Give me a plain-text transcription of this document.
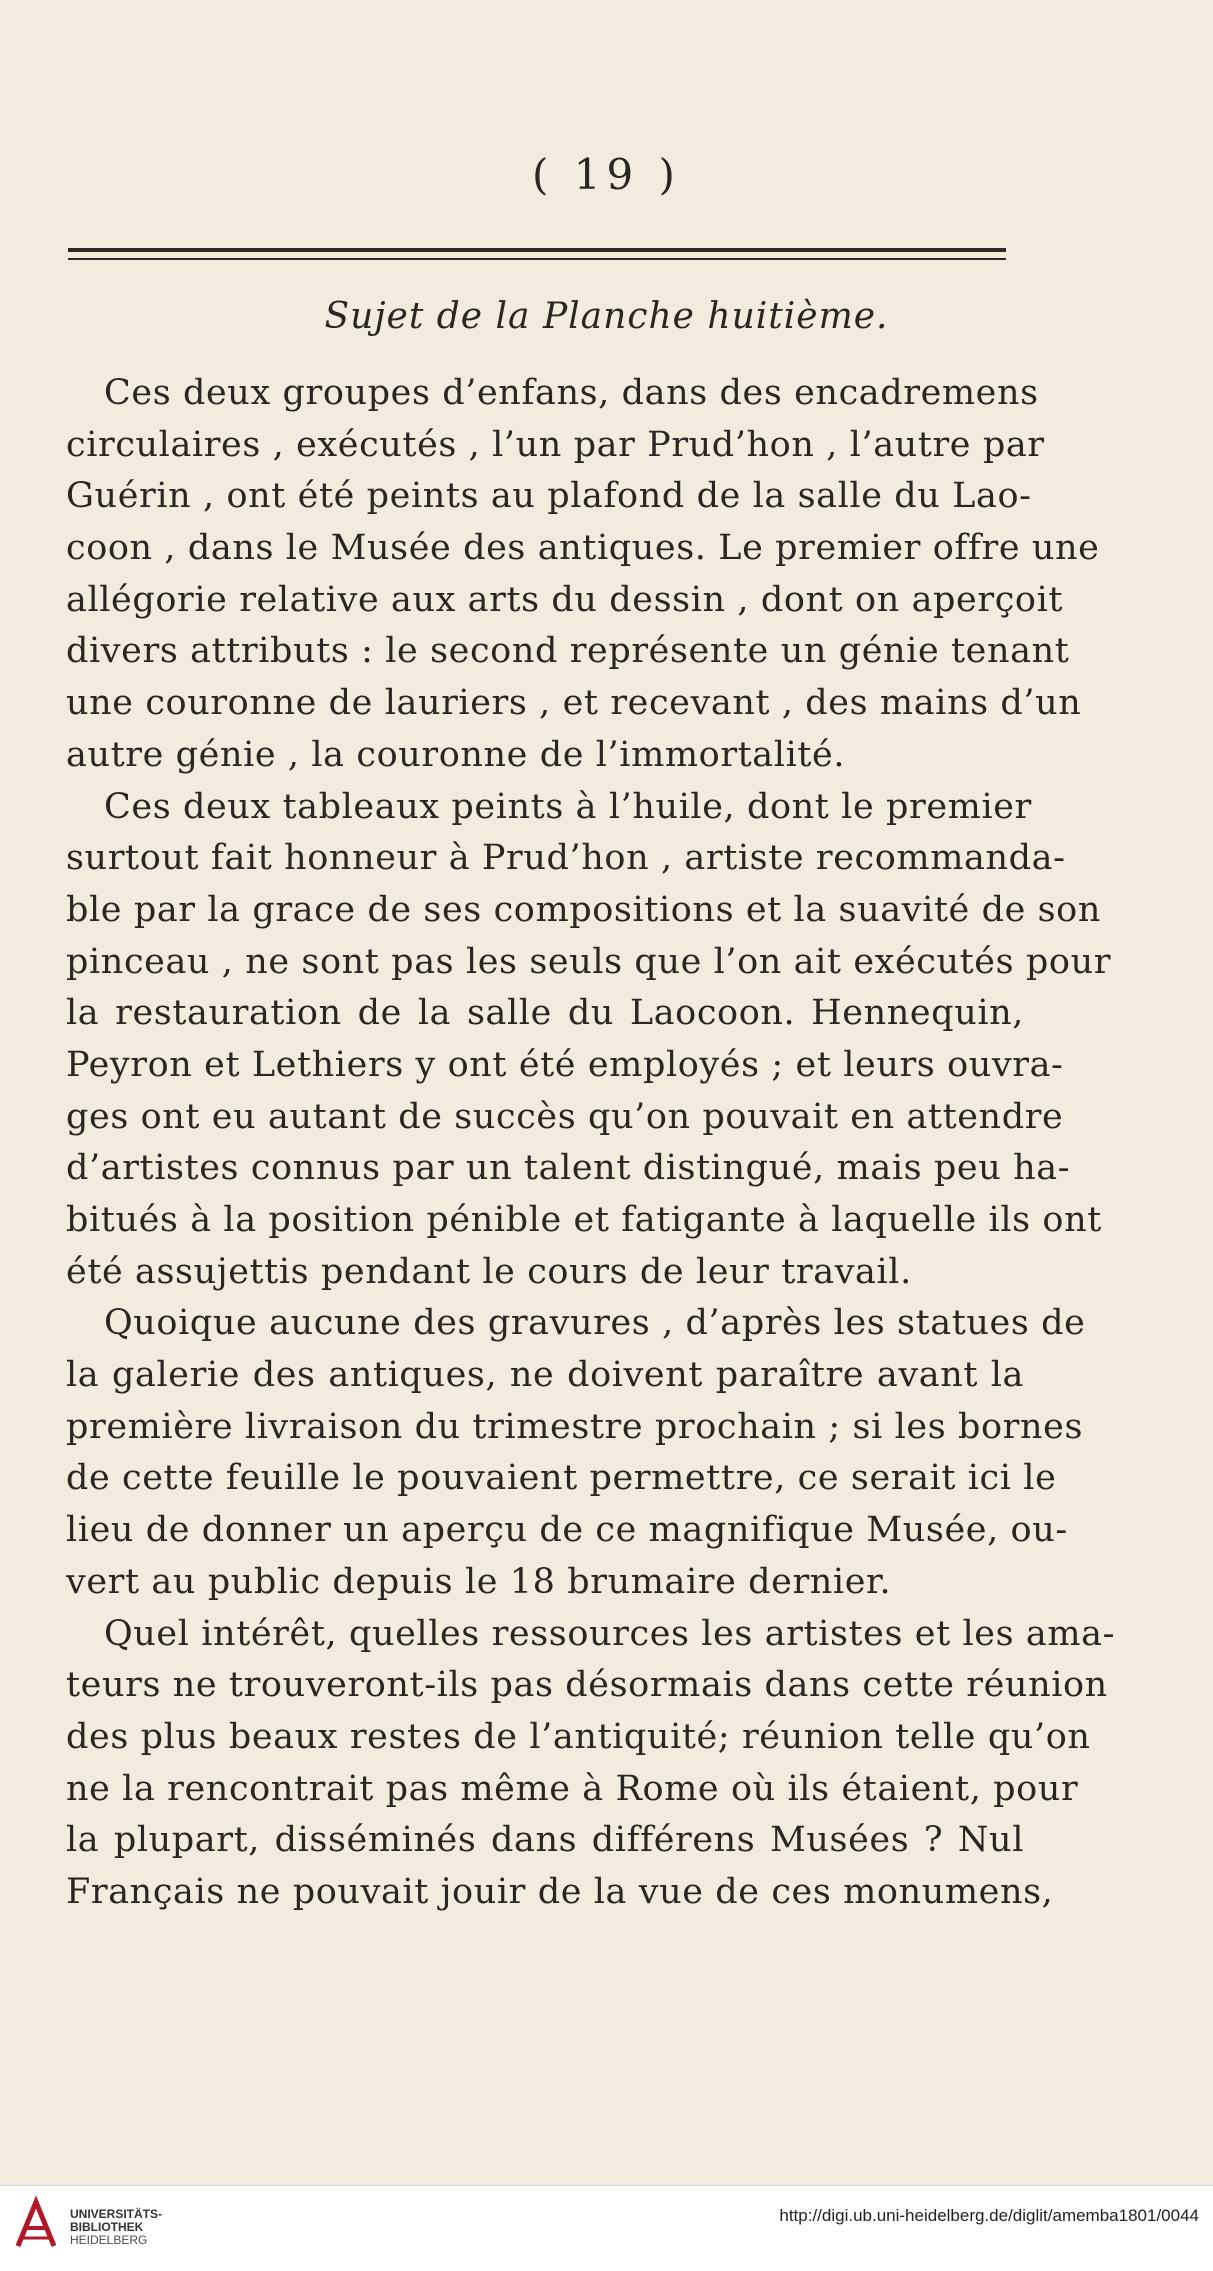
( 19 )
Sujet de la Planche huitième.
Ces deux groupes d’enfans, dans des encadremens
circulaires , exécutés , l’un par Prud’hon , l’autre par
Guérin , ont été peints au plafond de la salle du Lao-
coon , dans le Musée des antiques. Le premier offre une
allégorie relative aux arts du dessin , dont on aperçoit
divers attributs : le second représente un génie tenant
une couronne de lauriers , et recevant , des mains d’un
autre génie , la couronne de l’immortalité.
Ces deux tableaux peints à l’huile, dont le premier
surtout fait honneur à Prud’hon , artiste recommanda-
ble par la grace de ses compositions et la suavité de son
pinceau , ne sont pas les seuls que l’on ait exécutés pour
la restauration de la salle du Laocoon. Hennequin,
Peyron et Lethiers y ont été employés ; et leurs ouvra-
ges ont eu autant de succès qu’on pouvait en attendre
d’artistes connus par un talent distingué, mais peu ha-
bitués à la position pénible et fatigante à laquelle ils ont
été assujettis pendant le cours de leur travail.
Quoique aucune des gravures , d’après les statues de
la galerie des antiques, ne doivent paraître avant la
première livraison du trimestre prochain ; si les bornes
de cette feuille le pouvaient permettre, ce serait ici le
lieu de donner un aperçu de ce magnifique Musée, ou-
vert au public depuis le 18 brumaire dernier.
Quel intérêt, quelles ressources les artistes et les ama-
teurs ne trouveront-ils pas désormais dans cette réunion
des plus beaux restes de l’antiquité; réunion telle qu’on
ne la rencontrait pas même à Rome où ils étaient, pour
la plupart, disséminés dans différens Musées ? Nul
Français ne pouvait jouir de la vue de ces monumens,
UNIVERSITÄTS-
BIBLIOTHEK
HEIDELBERG
http://digi.ub.uni-heidelberg.de/diglit/amemba1801/0044
